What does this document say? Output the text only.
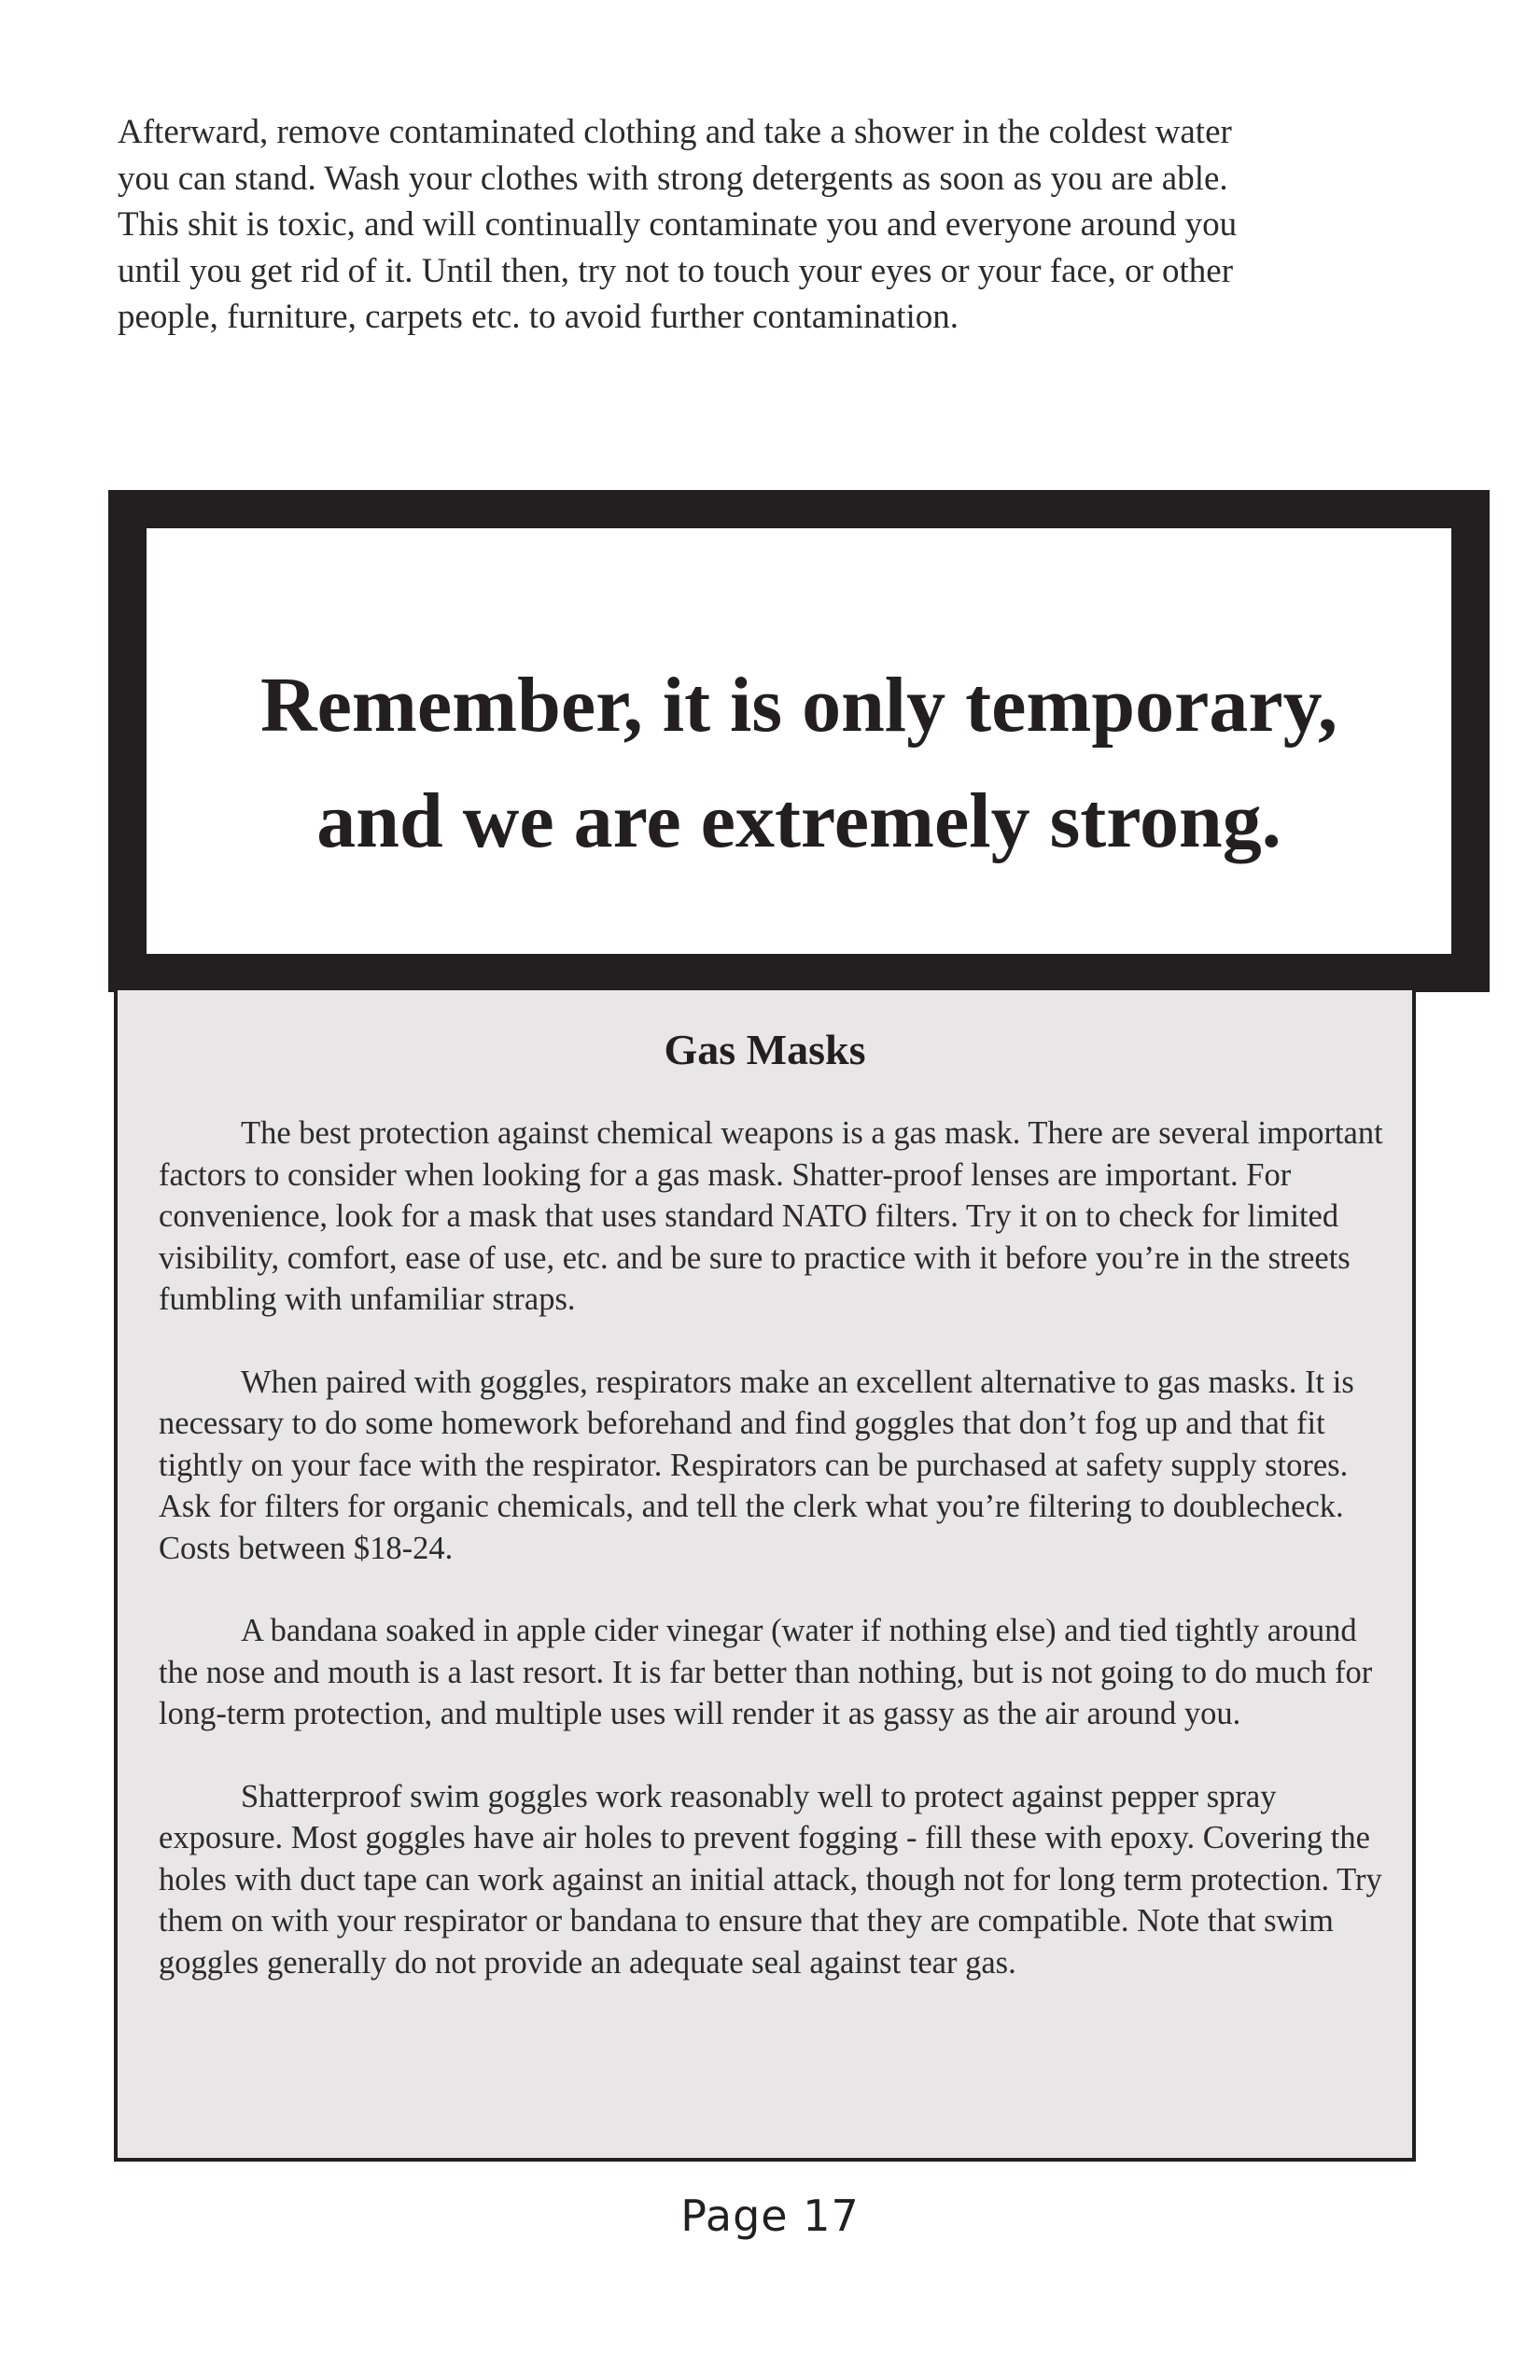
Afterward, remove contaminated clothing and take a shower in the coldest water
you can stand. Wash your clothes with strong detergents as soon as you are able.
This shit is toxic, and will continually contaminate you and everyone around you
until you get rid of it. Until then, try not to touch your eyes or your face, or other
people, furniture, carpets etc. to avoid further contamination.

Remember, it is only temporary,
and we are extremely strong.

Gas Masks

The best protection against chemical weapons is a gas mask. There are several important factors to consider when looking for a gas mask. Shatter-proof lenses are important. For convenience, look for a mask that uses standard NATO filters. Try it on to check for limited visibility, comfort, ease of use, etc. and be sure to practice with it before you’re in the streets fumbling with unfamiliar straps.

When paired with goggles, respirators make an excellent alternative to gas masks. It is necessary to do some homework beforehand and find goggles that don’t fog up and that fit tightly on your face with the respirator. Respirators can be purchased at safety supply stores. Ask for filters for organic chemicals, and tell the clerk what you’re filtering to doublecheck. Costs between $18-24.

A bandana soaked in apple cider vinegar (water if nothing else) and tied tightly around the nose and mouth is a last resort. It is far better than nothing, but is not going to do much for long-term protection, and multiple uses will render it as gassy as the air around you.

Shatterproof swim goggles work reasonably well to protect against pepper spray exposure. Most goggles have air holes to prevent fogging - fill these with epoxy. Covering the holes with duct tape can work against an initial attack, though not for long term protection. Try them on with your respirator or bandana to ensure that they are compatible. Note that swim goggles generally do not provide an adequate seal against tear gas.

Page 17
